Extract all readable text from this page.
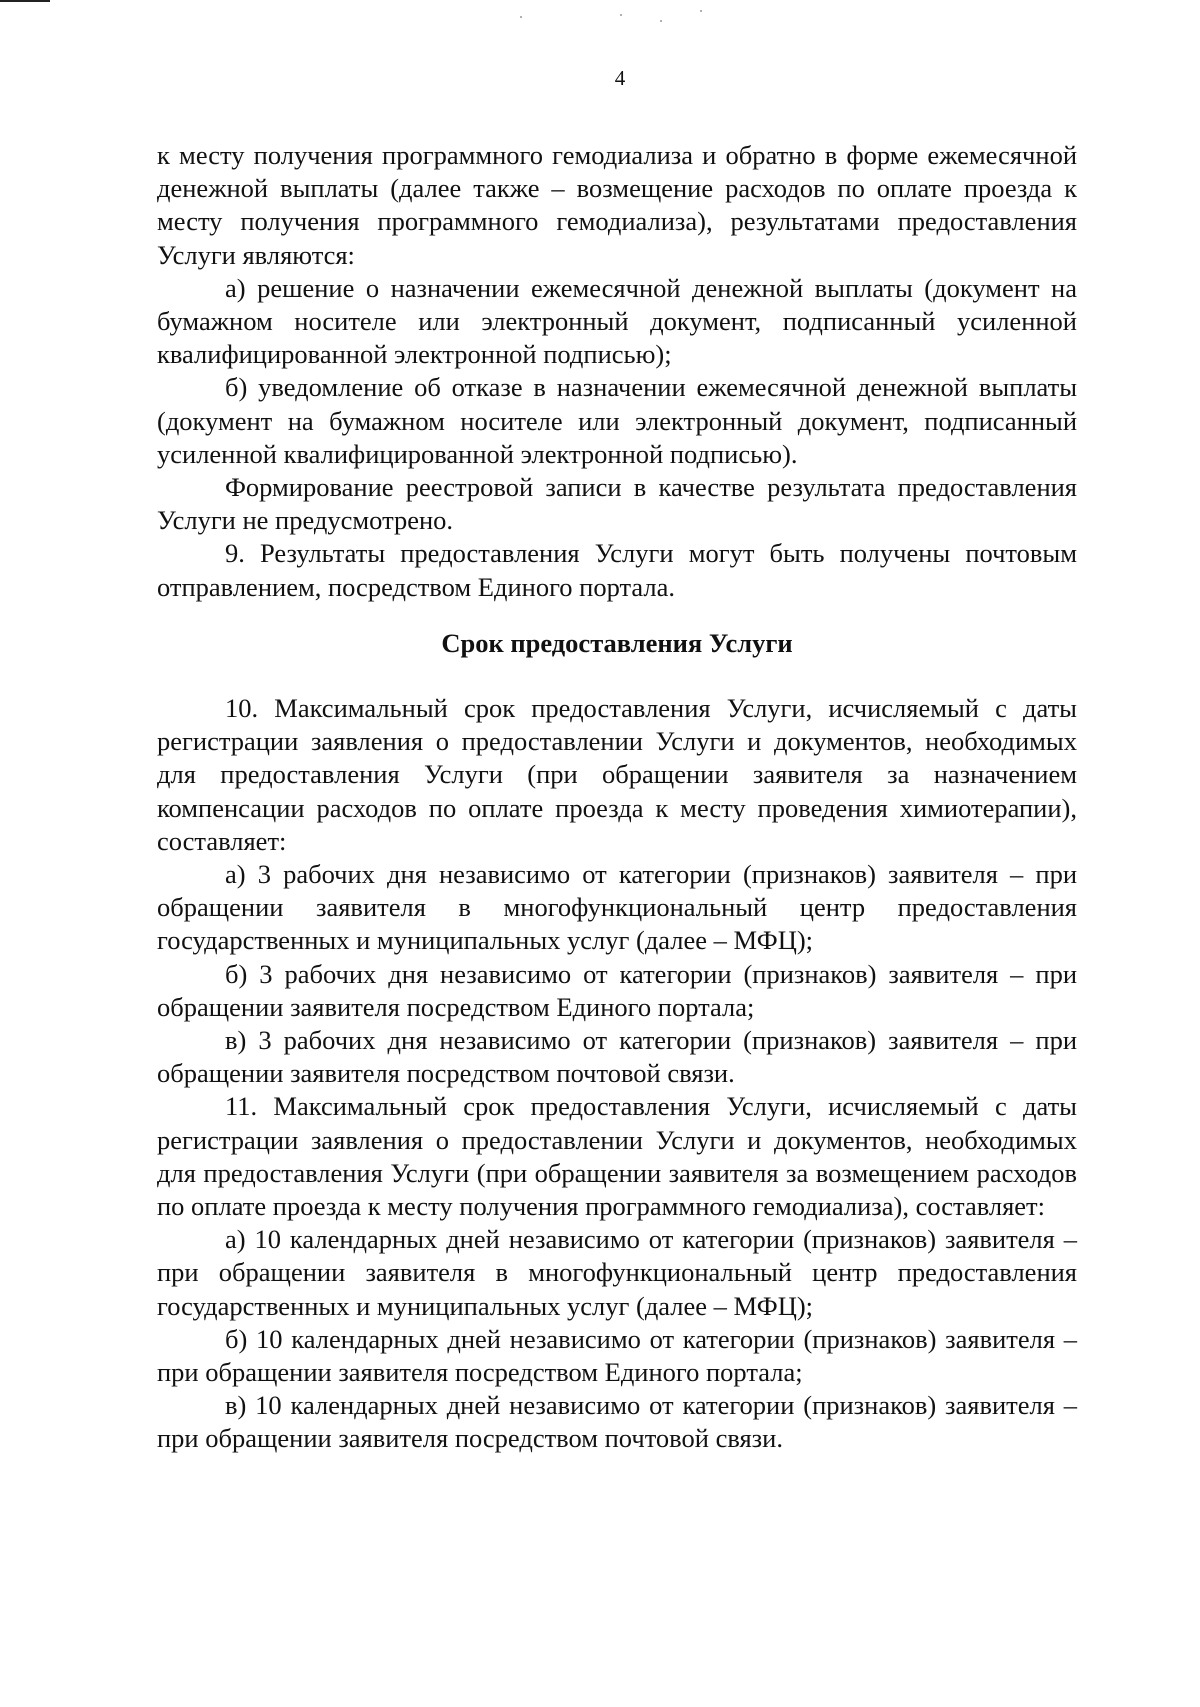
4

к месту получения программного гемодиализа и обратно в форме ежемесячной денежной выплаты (далее также – возмещение расходов по оплате проезда к месту получения программного гемодиализа), результатами предоставления Услуги являются:

а) решение о назначении ежемесячной денежной выплаты (документ на бумажном носителе или электронный документ, подписанный усиленной квалифицированной электронной подписью);

б) уведомление об отказе в назначении ежемесячной денежной выплаты (документ на бумажном носителе или электронный документ, подписанный усиленной квалифицированной электронной подписью).

Формирование реестровой записи в качестве результата предоставления Услуги не предусмотрено.

9. Результаты предоставления Услуги могут быть получены почтовым отправлением, посредством Единого портала.

Срок предоставления Услуги

10. Максимальный срок предоставления Услуги, исчисляемый с даты регистрации заявления о предоставлении Услуги и документов, необходимых для предоставления Услуги (при обращении заявителя за назначением компенсации расходов по оплате проезда к месту проведения химиотерапии), составляет:

а) 3 рабочих дня независимо от категории (признаков) заявителя – при обращении заявителя в многофункциональный центр предоставления государственных и муниципальных услуг (далее – МФЦ);

б) 3 рабочих дня независимо от категории (признаков) заявителя – при обращении заявителя посредством Единого портала;

в) 3 рабочих дня независимо от категории (признаков) заявителя – при обращении заявителя посредством почтовой связи.

11. Максимальный срок предоставления Услуги, исчисляемый с даты регистрации заявления о предоставлении Услуги и документов, необходимых для предоставления Услуги (при обращении заявителя за возмещением расходов по оплате проезда к месту получения программного гемодиализа), составляет:

а) 10 календарных дней независимо от категории (признаков) заявителя – при обращении заявителя в многофункциональный центр предоставления государственных и муниципальных услуг (далее – МФЦ);

б) 10 календарных дней независимо от категории (признаков) заявителя – при обращении заявителя посредством Единого портала;

в) 10 календарных дней независимо от категории (признаков) заявителя – при обращении заявителя посредством почтовой связи.
